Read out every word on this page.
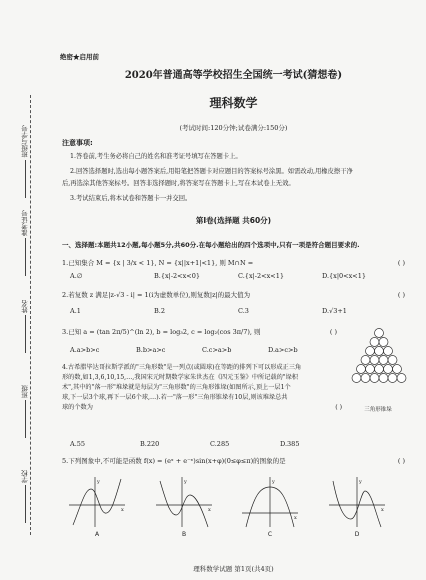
班级与学号
准考证号
姓名
班级
学校
绝密★启用前
2020年普通高等学校招生全国统一考试(猜想卷)
理科数学
(考试时间:120分钟;试卷满分:150分)
注意事项:
1.答卷前,考生务必将自己的姓名和准考证号填写在答题卡上。
2.回答选择题时,选出每小题答案后,用铅笔把答题卡对应题目的答案标号涂黑。如需改动,用橡皮擦干净
后,再选涂其他答案标号。回答非选择题时,将答案写在答题卡上,写在本试卷上无效。
3.考试结束后,将本试卷和答题卡一并交回。
第Ⅰ卷(选择题 共60分)
一、选择题:本题共12小题,每小题5分,共60分.在每小题给出的四个选项中,只有一项是符合题目要求的.
1.已知集合 M = {x | 3/x < 1}, N = {x||x+1|<1}, 则 M∩N =	( )
A.∅	B.{x|-2<x<0}	C.{x|-2<x<1}	D.{x|0<x<1}
2.若复数 z 满足|z-√3 - i| = 1(i为虚数单位),则复数|z|的最大值为	( )
A.1	B.2	C.3	D.√3+1
3.已知 a = (tan 2π/5)^(ln 2), b = log₃2, c = log₂(cos 3π/7), 则	( )
A.a>b>c	B.b>a>c	C.c>a>b	D.a>c>b
4.古希腊毕达哥拉斯学派的"三角形数"是一列点(或圆球)在等距的排列下可以形成正三角
形的数,如1,3,6,10,15,…,我国宋元时期数学家朱世杰在《四元玉鉴》中所记载的"垛积
术",其中的"落一形"堆垛就是每层为"三角形数"的三角形锥垛(如图所示,顶上一层1个
球,下一层3个球,再下一层6个球,…).若一"落一形"三角形锥垛有10层,则该堆垛总共
球的个数为	( )
A.55	B.220	C.285	D.385
三角形锥垛
5.下列图象中,不可能是函数 f(x) = (eˣ + e⁻ˣ)sin(x+φ)(0≤φ≤π)的图象的是	( )
y
x
y
x
y
x
y
x
A	B	C	D
理科数学试题 第1页(共4页)
